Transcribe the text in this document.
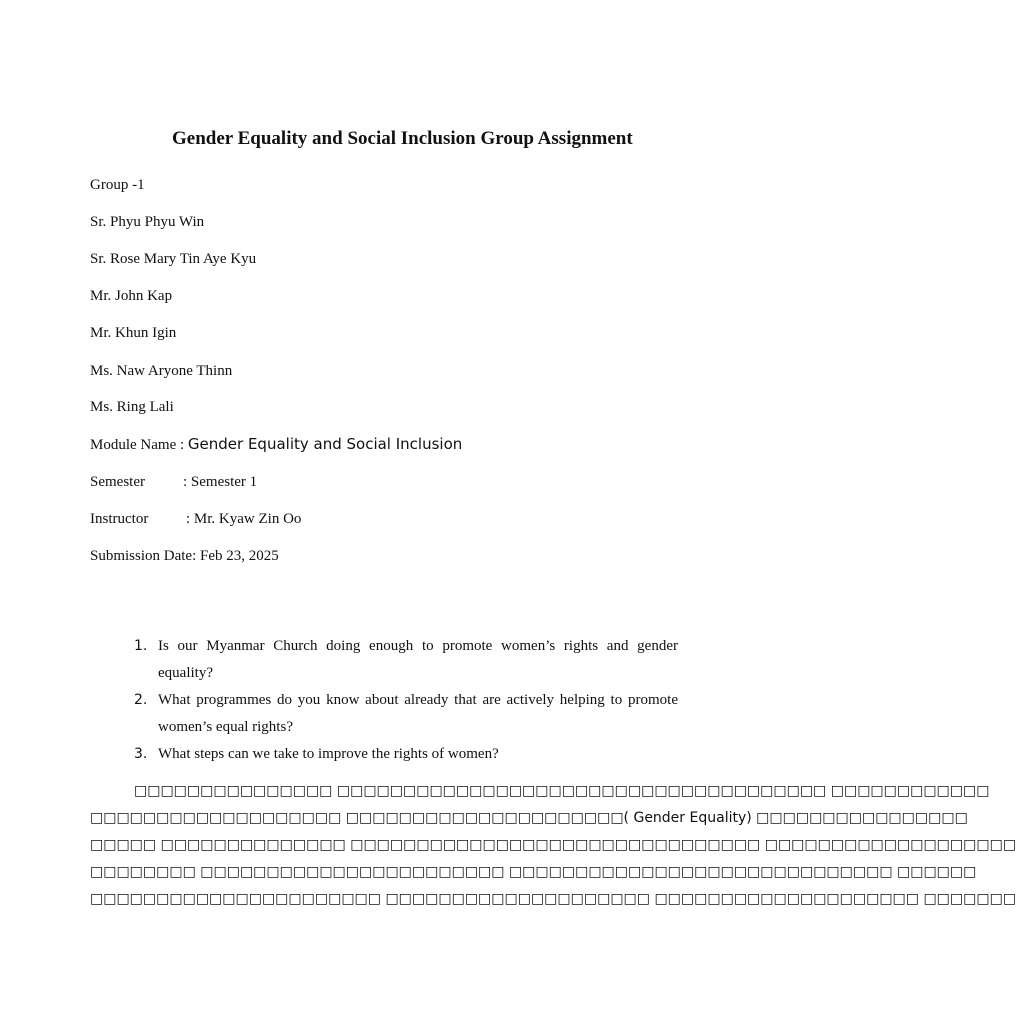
Gender Equality and Social Inclusion Group Assignment

Group -1

Sr. Phyu Phyu Win

Sr. Rose Mary Tin Aye Kyu

Mr. John Kap

Mr. Khun Igin

Ms. Naw Aryone Thinn

Ms. Ring Lali

Module Name : Gender Equality and Social Inclusion

Semester	: Semester 1

Instructor	: Mr. Kyaw Zin Oo

Submission Date: Feb 23, 2025

1. Is our Myanmar Church doing enough to promote women’s rights and gender equality?
2. What programmes do you know about already that are actively helping to promote women’s equal rights?
3. What steps can we take to improve the rights of women?
□□□□□□□□□□□□□□□ □□□□□□□□□□□□□□□□□□□□□□□□□□□□□□□□□□□□□ □□□□□□□□□□□□
□□□□□□□□□□□□□□□□□□□ □□□□□□□□□□□□□□□□□□□□□( Gender Equality) □□□□□□□□□□□□□□□□
□□□□□ □□□□□□□□□□□□□□ □□□□□□□□□□□□□□□□□□□□□□□□□□□□□□□ □□□□□□□□□□□□□□□□□□□
□□□□□□□□ □□□□□□□□□□□□□□□□□□□□□□□ □□□□□□□□□□□□□□□□□□□□□□□□□□□□□ □□□□□□
□□□□□□□□□□□□□□□□□□□□□□ □□□□□□□□□□□□□□□□□□□□ □□□□□□□□□□□□□□□□□□□□ □□□□□□□
